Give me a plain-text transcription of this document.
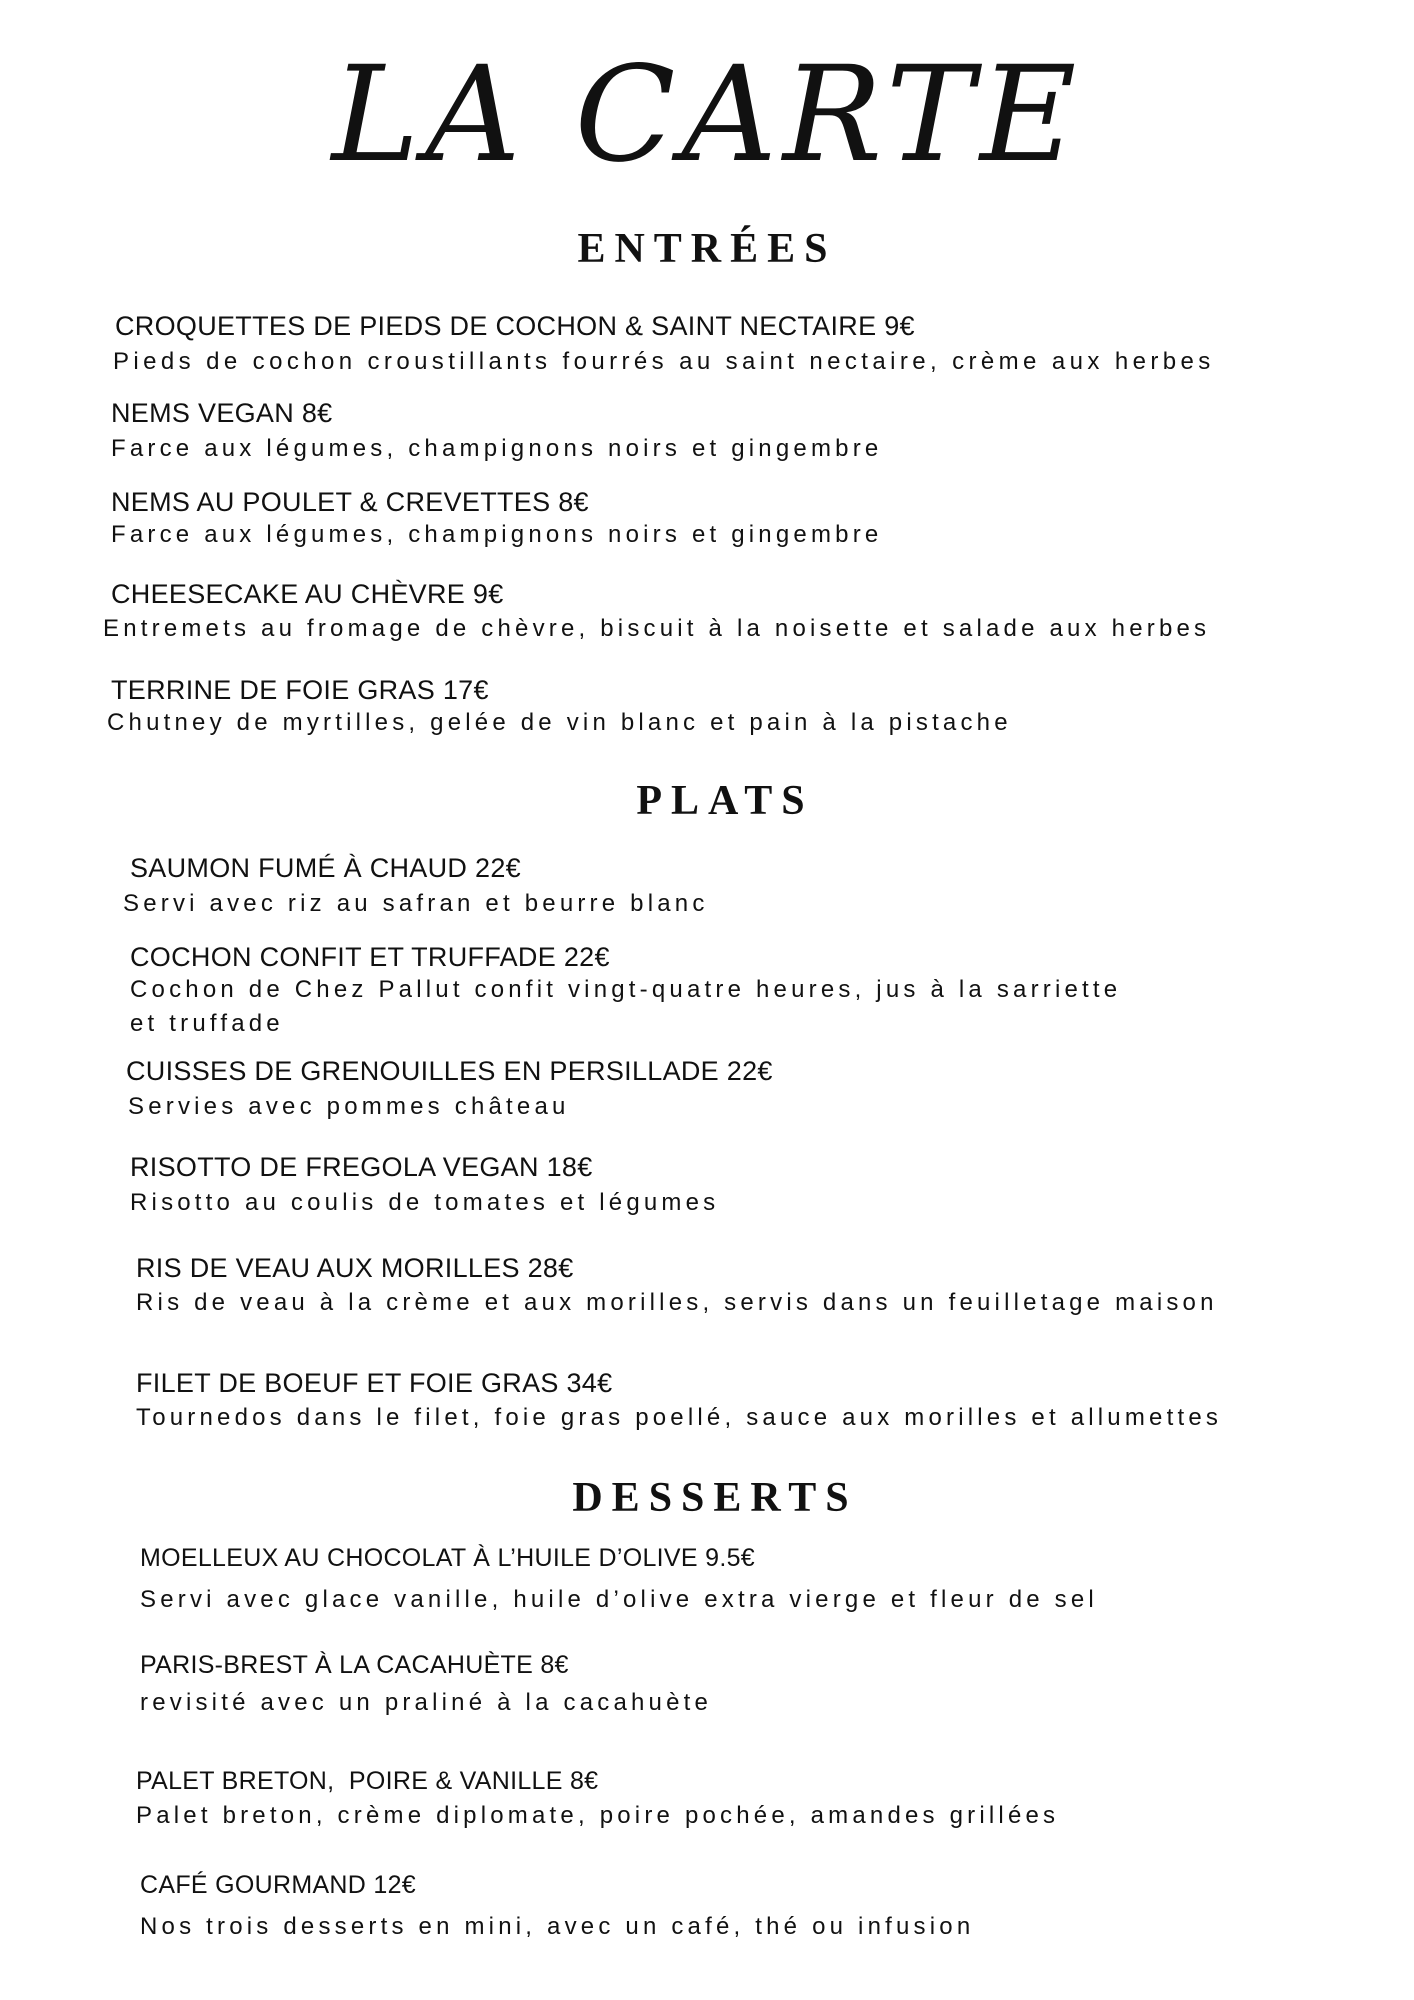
LA CARTE
ENTRÉES
CROQUETTES DE PIEDS DE COCHON & SAINT NECTAIRE 9€
Pieds de cochon croustillants fourrés au saint nectaire, crème aux herbes
NEMS VEGAN 8€
Farce aux légumes, champignons noirs et gingembre
NEMS AU POULET & CREVETTES 8€
Farce aux légumes, champignons noirs et gingembre
CHEESECAKE AU CHÈVRE 9€
Entremets au fromage de chèvre, biscuit à la noisette et salade aux herbes
TERRINE DE FOIE GRAS 17€
Chutney de myrtilles, gelée de vin blanc et pain à la pistache
PLATS
SAUMON FUMÉ À CHAUD 22€
Servi avec riz au safran et beurre blanc
COCHON CONFIT ET TRUFFADE 22€
Cochon de Chez Pallut confit vingt-quatre heures, jus à la sarriette et truffade
CUISSES DE GRENOUILLES EN PERSILLADE 22€
Servies avec pommes château
RISOTTO DE FREGOLA VEGAN 18€
Risotto au coulis de tomates et légumes
RIS DE VEAU AUX MORILLES 28€
Ris de veau à la crème et aux morilles, servis dans un feuilletage maison
FILET DE BOEUF ET FOIE GRAS 34€
Tournedos dans le filet, foie gras poellé, sauce aux morilles et allumettes
DESSERTS
MOELLEUX AU CHOCOLAT À L’HUILE D’OLIVE 9.5€
Servi avec glace vanille, huile d’olive extra vierge et fleur de sel
PARIS-BREST À LA CACAHUÈTE 8€
revisité avec un praliné à la cacahuète
PALET BRETON,  POIRE & VANILLE 8€
Palet breton, crème diplomate, poire pochée, amandes grillées
CAFÉ GOURMAND 12€
Nos trois desserts en mini, avec un café, thé ou infusion
